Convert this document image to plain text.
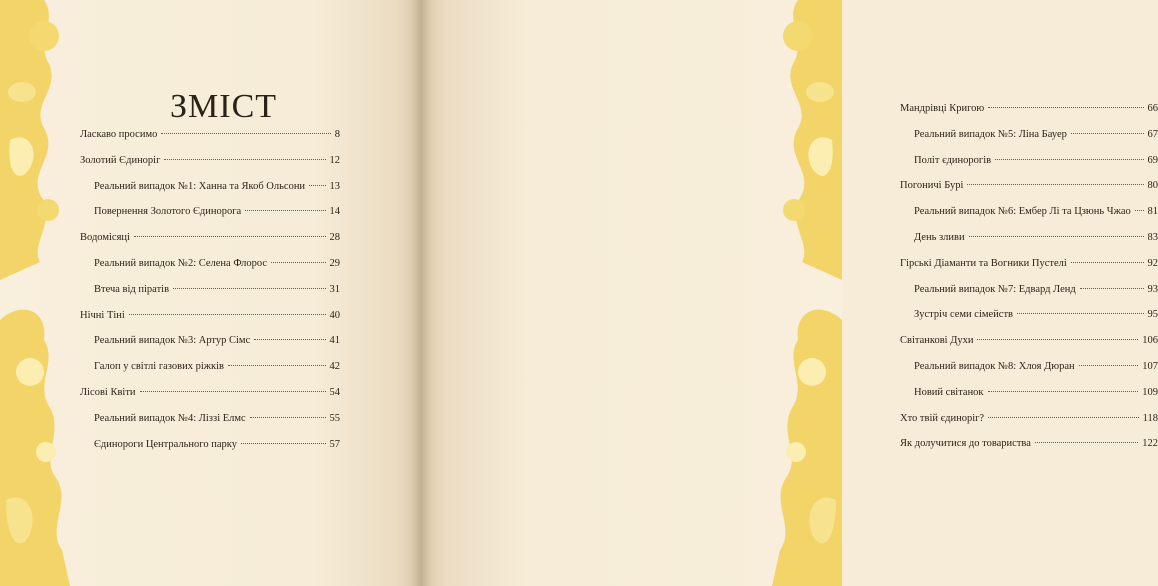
ЗМІСТ
Ласкаво просимо	8
Золотий Єдиноріг	12
Реальний випадок №1: Ханна та Якоб Ольсони 13
Повернення Золотого Єдинорога	14
Водомісяці	28
Реальний випадок №2: Селена Флорос	29
Втеча від піратів	31
Нічні Тіні	40
Реальний випадок №3: Артур Сімс	41
Галоп у світлі газових ріжків	42
Лісові Квіти	54
Реальний випадок №4: Ліззі Елмс	55
Єдинороги Центрального парку	57
Мандрівці Кригою	66
Реальний випадок №5: Ліна Бауер	67
Політ єдинорогів	69
Погоничі Бурі	80
Реальний випадок №6: Ембер Лі та Цзюнь Чжао 81
День зливи	83
Гірські Діаманти та Вогники Пустелі	92
Реальний випадок №7: Едвард Ленд	93
Зустріч семи сімейств	95
Світанкові Духи	106
Реальний випадок №8: Хлоя Дюран	107
Новий світанок	109
Хто твій єдиноріг?	118
Як долучитися до товариства	122
